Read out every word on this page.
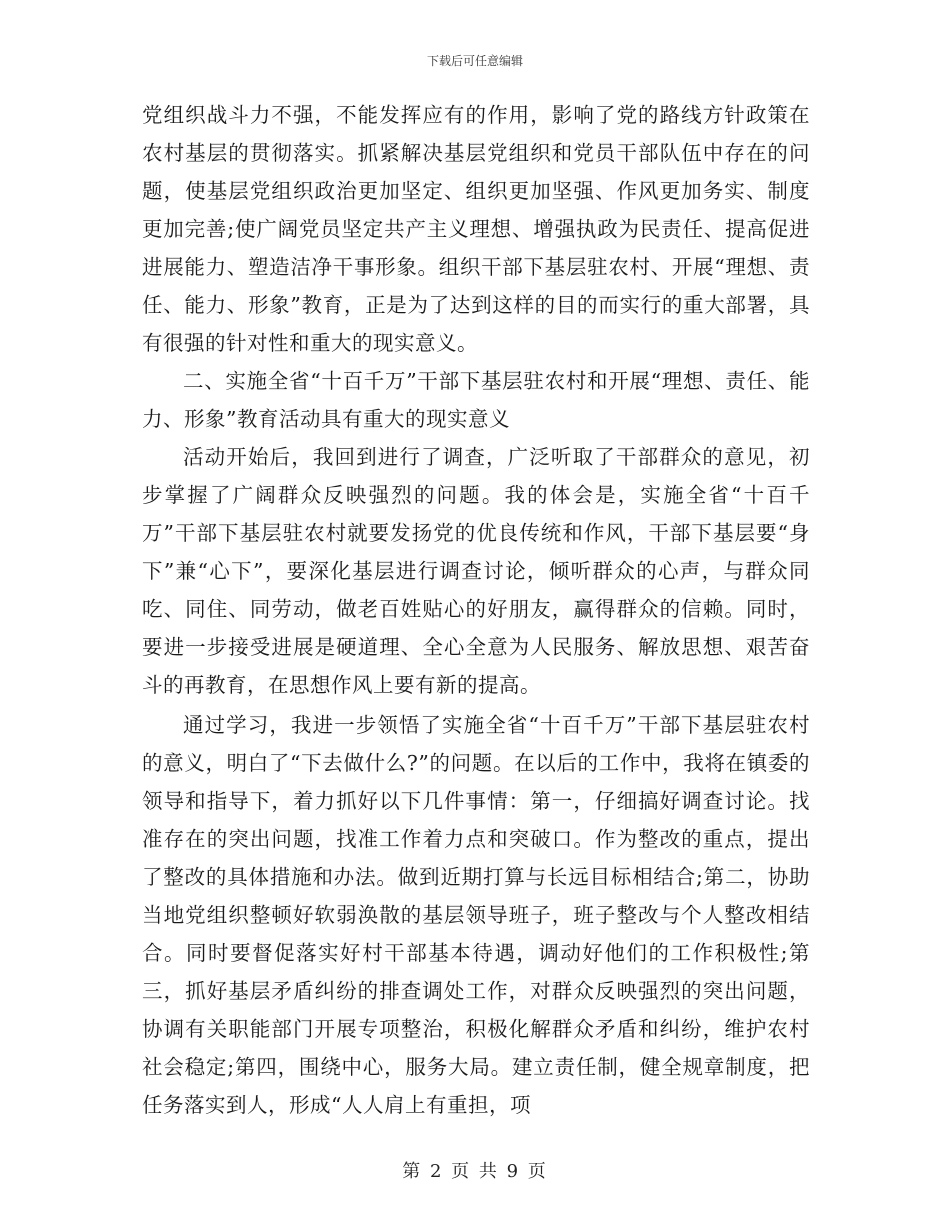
下载后可任意编辑

党组织战斗力不强，不能发挥应有的作用，影响了党的路线方针政策在农村基层的贯彻落实。抓紧解决基层党组织和党员干部队伍中存在的问题，使基层党组织政治更加坚定、组织更加坚强、作风更加务实、制度更加完善;使广阔党员坚定共产主义理想、增强执政为民责任、提高促进进展能力、塑造洁净干事形象。组织干部下基层驻农村、开展“理想、责任、能力、形象”教育，正是为了达到这样的目的而实行的重大部署，具有很强的针对性和重大的现实意义。

二、实施全省“十百千万”干部下基层驻农村和开展“理想、责任、能力、形象”教育活动具有重大的现实意义

活动开始后，我回到进行了调查，广泛听取了干部群众的意见，初步掌握了广阔群众反映强烈的问题。我的体会是，实施全省“十百千万”干部下基层驻农村就要发扬党的优良传统和作风，干部下基层要“身下”兼“心下”，要深化基层进行调查讨论，倾听群众的心声，与群众同吃、同住、同劳动，做老百姓贴心的好朋友，赢得群众的信赖。同时，要进一步接受进展是硬道理、全心全意为人民服务、解放思想、艰苦奋斗的再教育，在思想作风上要有新的提高。

通过学习，我进一步领悟了实施全省“十百千万”干部下基层驻农村的意义，明白了“下去做什么?”的问题。在以后的工作中，我将在镇委的领导和指导下，着力抓好以下几件事情：第一，仔细搞好调查讨论。找准存在的突出问题，找准工作着力点和突破口。作为整改的重点，提出了整改的具体措施和办法。做到近期打算与长远目标相结合;第二，协助当地党组织整顿好软弱涣散的基层领导班子，班子整改与个人整改相结合。同时要督促落实好村干部基本待遇，调动好他们的工作积极性;第三，抓好基层矛盾纠纷的排查调处工作，对群众反映强烈的突出问题，协调有关职能部门开展专项整治，积极化解群众矛盾和纠纷，维护农村社会稳定;第四，围绕中心，服务大局。建立责任制，健全规章制度，把任务落实到人，形成“人人肩上有重担，项

第 2 页 共 9 页
